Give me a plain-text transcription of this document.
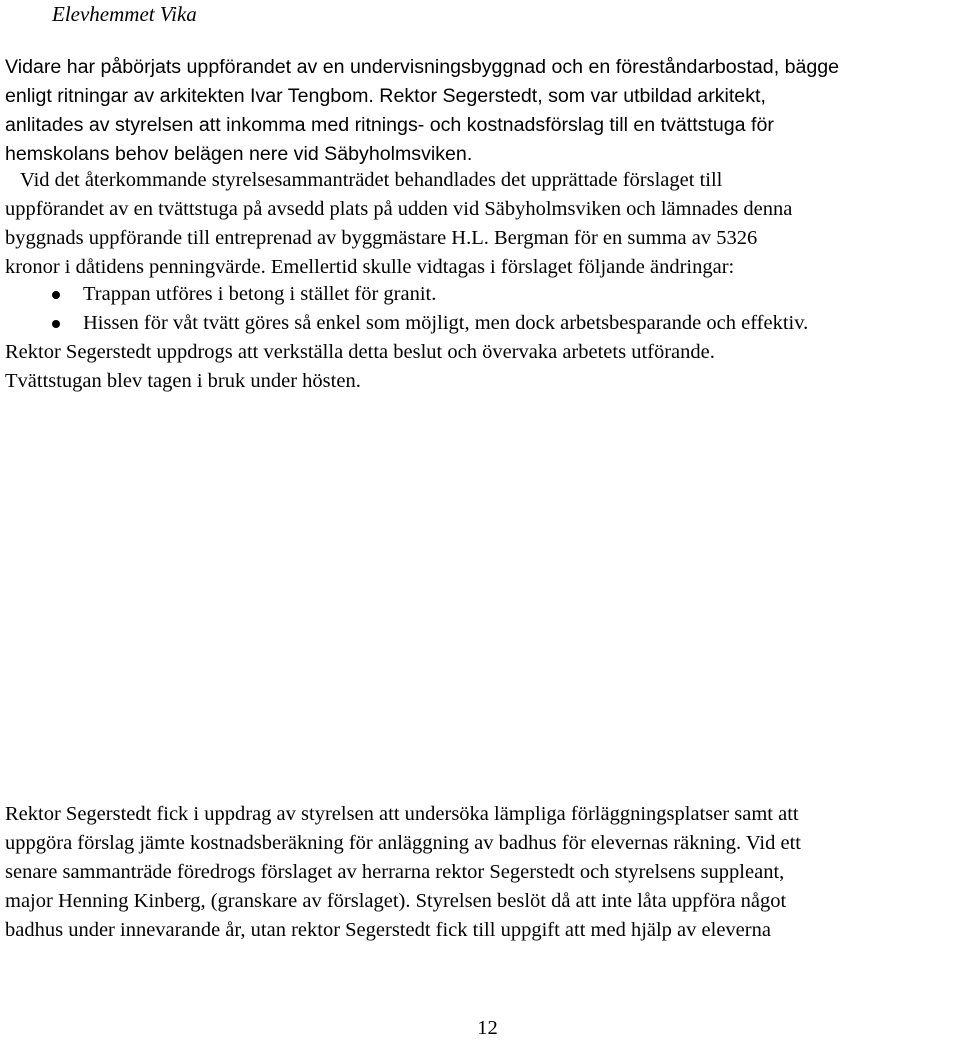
Elevhemmet Vika
Vidare har påbörjats uppförandet av en undervisningsbyggnad och en föreståndarbostad, bägge
enligt ritningar av arkitekten Ivar Tengbom. Rektor Segerstedt, som var utbildad arkitekt,
anlitades av styrelsen att inkomma med ritnings- och kostnadsförslag till en tvättstuga för
hemskolans behov belägen nere vid Säbyholmsviken.
Vid det återkommande styrelsesammanträdet behandlades det upprättade förslaget till
uppförandet av en tvättstuga på avsedd plats på udden vid Säbyholmsviken och lämnades denna
byggnads uppförande till entreprenad av byggmästare H.L. Bergman för en summa av 5326
kronor i dåtidens penningvärde. Emellertid skulle vidtagas i förslaget följande ändringar:
Trappan utföres i betong i stället för granit.
Hissen för våt tvätt göres så enkel som möjligt, men dock arbetsbesparande och effektiv.
Rektor Segerstedt uppdrogs att verkställa detta beslut och övervaka arbetets utförande.
Tvättstugan blev tagen i bruk under hösten.
Rektor Segerstedt fick i uppdrag av styrelsen att undersöka lämpliga förläggningsplatser samt att
uppgöra förslag jämte kostnadsberäkning för anläggning av badhus för elevernas räkning. Vid ett
senare sammanträde föredrogs förslaget av herrarna rektor Segerstedt och styrelsens suppleant,
major Henning Kinberg, (granskare av förslaget). Styrelsen beslöt då att inte låta uppföra något
badhus under innevarande år, utan rektor Segerstedt fick till uppgift att med hjälp av eleverna
12
